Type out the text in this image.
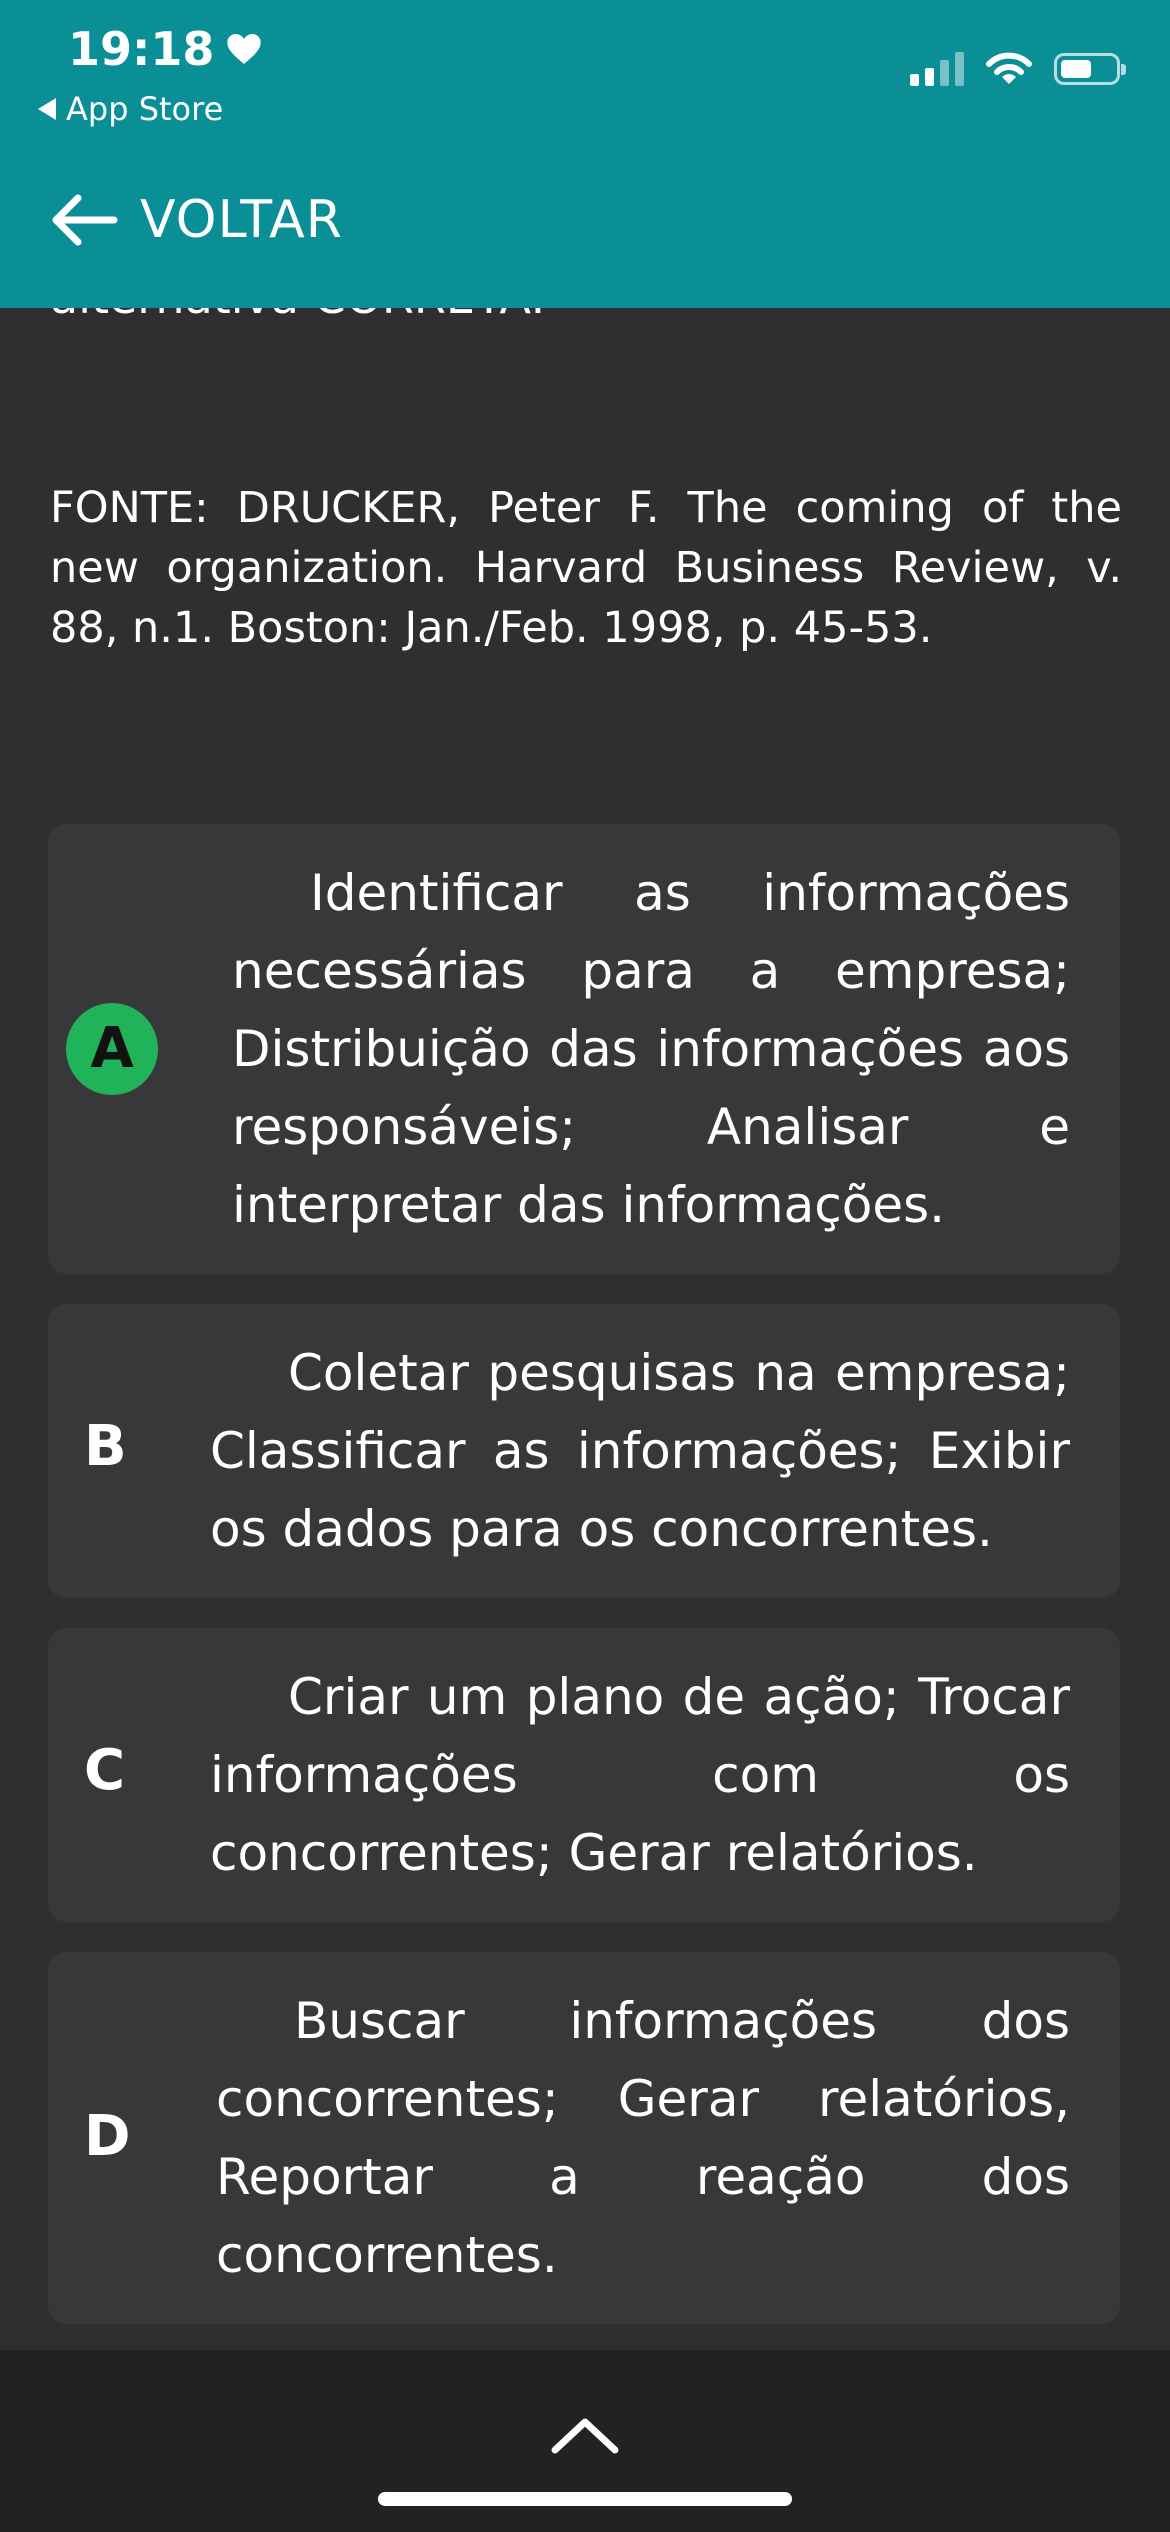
19:18
App Store
VOLTAR
FONTE: DRUCKER, Peter F. The coming of the new organization. Harvard Business Review, v. 88, n.1. Boston: Jan./Feb. 1998, p. 45-53.
A
Identificar as informações necessárias para a empresa; Distribuição das informações aos responsáveis; Analisar e interpretar das informações.
B
Coletar pesquisas na empresa; Classificar as informações; Exibir os dados para os concorrentes.
C
Criar um plano de ação; Trocar informações com os concorrentes; Gerar relatórios.
D
Buscar informações dos concorrentes; Gerar relatórios, Reportar a reação dos concorrentes.
